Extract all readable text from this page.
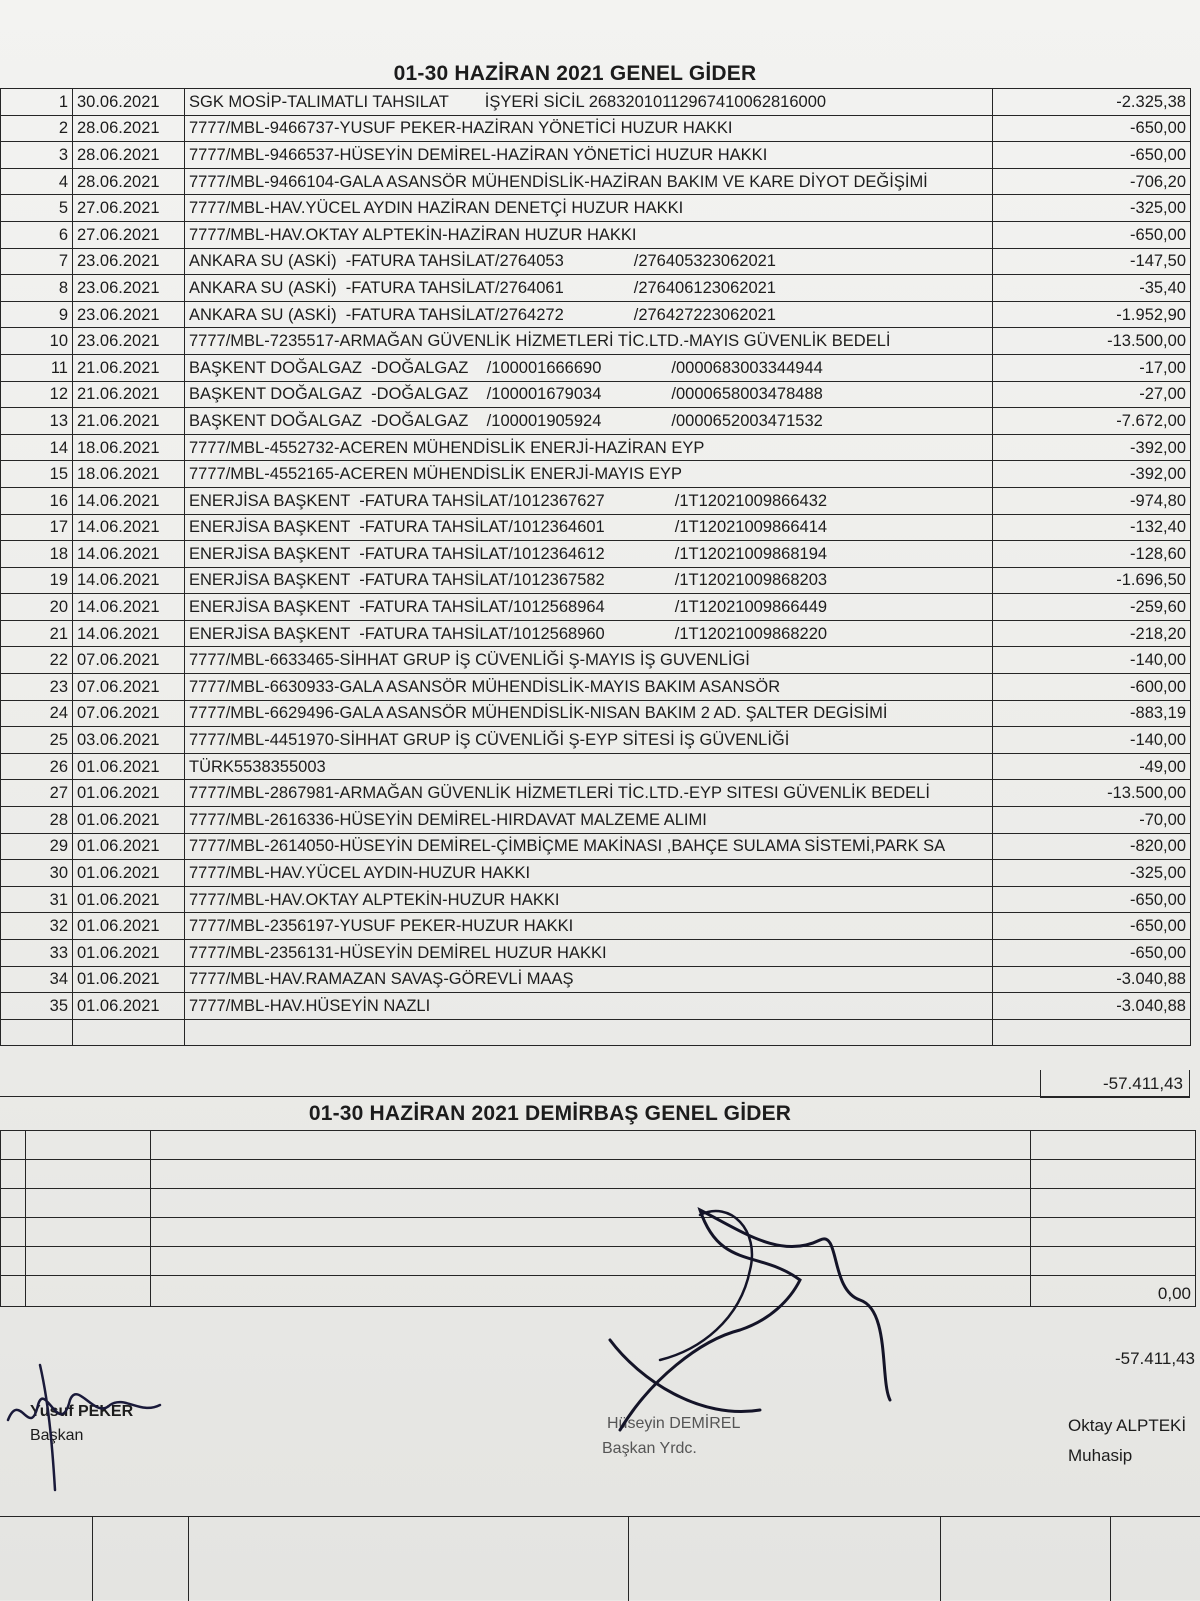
01-30 HAZİRAN 2021 GENEL GİDER
1	30.06.2021	SGK MOSİP-TALIMATLI TAHSILAT İŞYERİ SİCİL 2683201011296741006281600​0	-2.325,38
2	28.06.2021	7777/MBL-9466737-YUSUF PEKER-HAZİRAN YÖNETİCİ HUZUR HAKKI	-650,00
3	28.06.2021	7777/MBL-9466537-HÜSEYİN DEMİREL-HAZİRAN YÖNETİCİ HUZUR HAKKI	-650,00
4	28.06.2021	7777/MBL-9466104-GALA ASANSÖR MÜHENDİSLİK-HAZİRAN BAKIM VE KARE DİYOT DEĞİŞİMİ	-706,20
5	27.06.2021	7777/MBL-HAV.YÜCEL AYDIN HAZİRAN DENETÇİ HUZUR HAKKI	-325,00
6	27.06.2021	7777/MBL-HAV.OKTAY ALPTEKİN-HAZİRAN HUZUR HAKKI	-650,00
7	23.06.2021	ANKARA SU (ASKİ)  -FATURA TAHSİLAT/2764053 /276405323062021	-147,50
8	23.06.2021	ANKARA SU (ASKİ)  -FATURA TAHSİLAT/2764061 /276406123062021	-35,40
9	23.06.2021	ANKARA SU (ASKİ)  -FATURA TAHSİLAT/2764272 /276427223062021	-1.952,90
10	23.06.2021	7777/MBL-7235517-ARMAĞAN GÜVENLİK HİZMETLERİ TİC.LTD.-MAYIS GÜVENLİK BEDELİ	-13.500,00
11	21.06.2021	BAŞKENT DOĞALGAZ  -DOĞALGAZ    /100001666690 /0000683003344944	-17,00
12	21.06.2021	BAŞKENT DOĞALGAZ  -DOĞALGAZ    /100001679034 /0000658003478488	-27,00
13	21.06.2021	BAŞKENT DOĞALGAZ  -DOĞALGAZ    /100001905924 /0000652003471532	-7.672,00
14	18.06.2021	7777/MBL-4552732-ACEREN MÜHENDİSLİK ENERJİ-HAZİRAN EYP	-392,00
15	18.06.2021	7777/MBL-4552165-ACEREN MÜHENDİSLİK ENERJİ-MAYIS EYP	-392,00
16	14.06.2021	ENERJİSA BAŞKENT  -FATURA TAHSİLAT/1012367627 /1T12021009866432	-974,80
17	14.06.2021	ENERJİSA BAŞKENT  -FATURA TAHSİLAT/1012364601 /1T12021009866414	-132,40
18	14.06.2021	ENERJİSA BAŞKENT  -FATURA TAHSİLAT/1012364612 /1T12021009868194	-128,60
19	14.06.2021	ENERJİSA BAŞKENT  -FATURA TAHSİLAT/1012367582 /1T12021009868203	-1.696,50
20	14.06.2021	ENERJİSA BAŞKENT  -FATURA TAHSİLAT/1012568964 /1T12021009866449	-259,60
21	14.06.2021	ENERJİSA BAŞKENT  -FATURA TAHSİLAT/1012568960 /1T12021009868220	-218,20
22	07.06.2021	7777/MBL-6633465-SİHHAT GRUP İŞ CÜVENLİĞİ Ş-MAYIS İŞ GUVENLİGİ	-140,00
23	07.06.2021	7777/MBL-6630933-GALA ASANSÖR MÜHENDİSLİK-MAYIS BAKIM ASANSÖR	-600,00
24	07.06.2021	7777/MBL-6629496-GALA ASANSÖR MÜHENDİSLİK-NISAN BAKIM 2 AD. ŞALTER DEGİSİMİ	-883,19
25	03.06.2021	7777/MBL-4451970-SİHHAT GRUP İŞ CÜVENLİĞİ Ş-EYP SİTESİ İŞ GÜVENLİĞİ	-140,00
26	01.06.2021	TÜRK5538355003	-49,00
27	01.06.2021	7777/MBL-2867981-ARMAĞAN GÜVENLİK HİZMETLERİ TİC.LTD.-EYP SITESI GÜVENLİK BEDELİ	-13.500,00
28	01.06.2021	7777/MBL-2616336-HÜSEYİN DEMİREL-HIRDAVAT MALZEME ALIMI	-70,00
29	01.06.2021	7777/MBL-2614050-HÜSEYİN DEMİREL-ÇİMBİÇME MAKİNASI ,BAHÇE SULAMA SİSTEMİ,PARK SA	-820,00
30	01.06.2021	7777/MBL-HAV.YÜCEL AYDIN-HUZUR HAKKI	-325,00
31	01.06.2021	7777/MBL-HAV.OKTAY ALPTEKİN-HUZUR HAKKI	-650,00
32	01.06.2021	7777/MBL-2356197-YUSUF PEKER-HUZUR HAKKI	-650,00
33	01.06.2021	7777/MBL-2356131-HÜSEYİN DEMİREL HUZUR HAKKI	-650,00
34	01.06.2021	7777/MBL-HAV.RAMAZAN SAVAŞ-GÖREVLİ MAAŞ	-3.040,88
35	01.06.2021	7777/MBL-HAV.HÜSEYİN NAZLI	-3.040,88

-57.411,43
01-30 HAZİRAN 2021 DEMİRBAŞ GENEL GİDER

			0,00
-57.411,43
Yusuf PEKER
Başkan
Hüseyin DEMİREL
Başkan Yrdc.
Oktay ALPTEKİ
Muhasip
